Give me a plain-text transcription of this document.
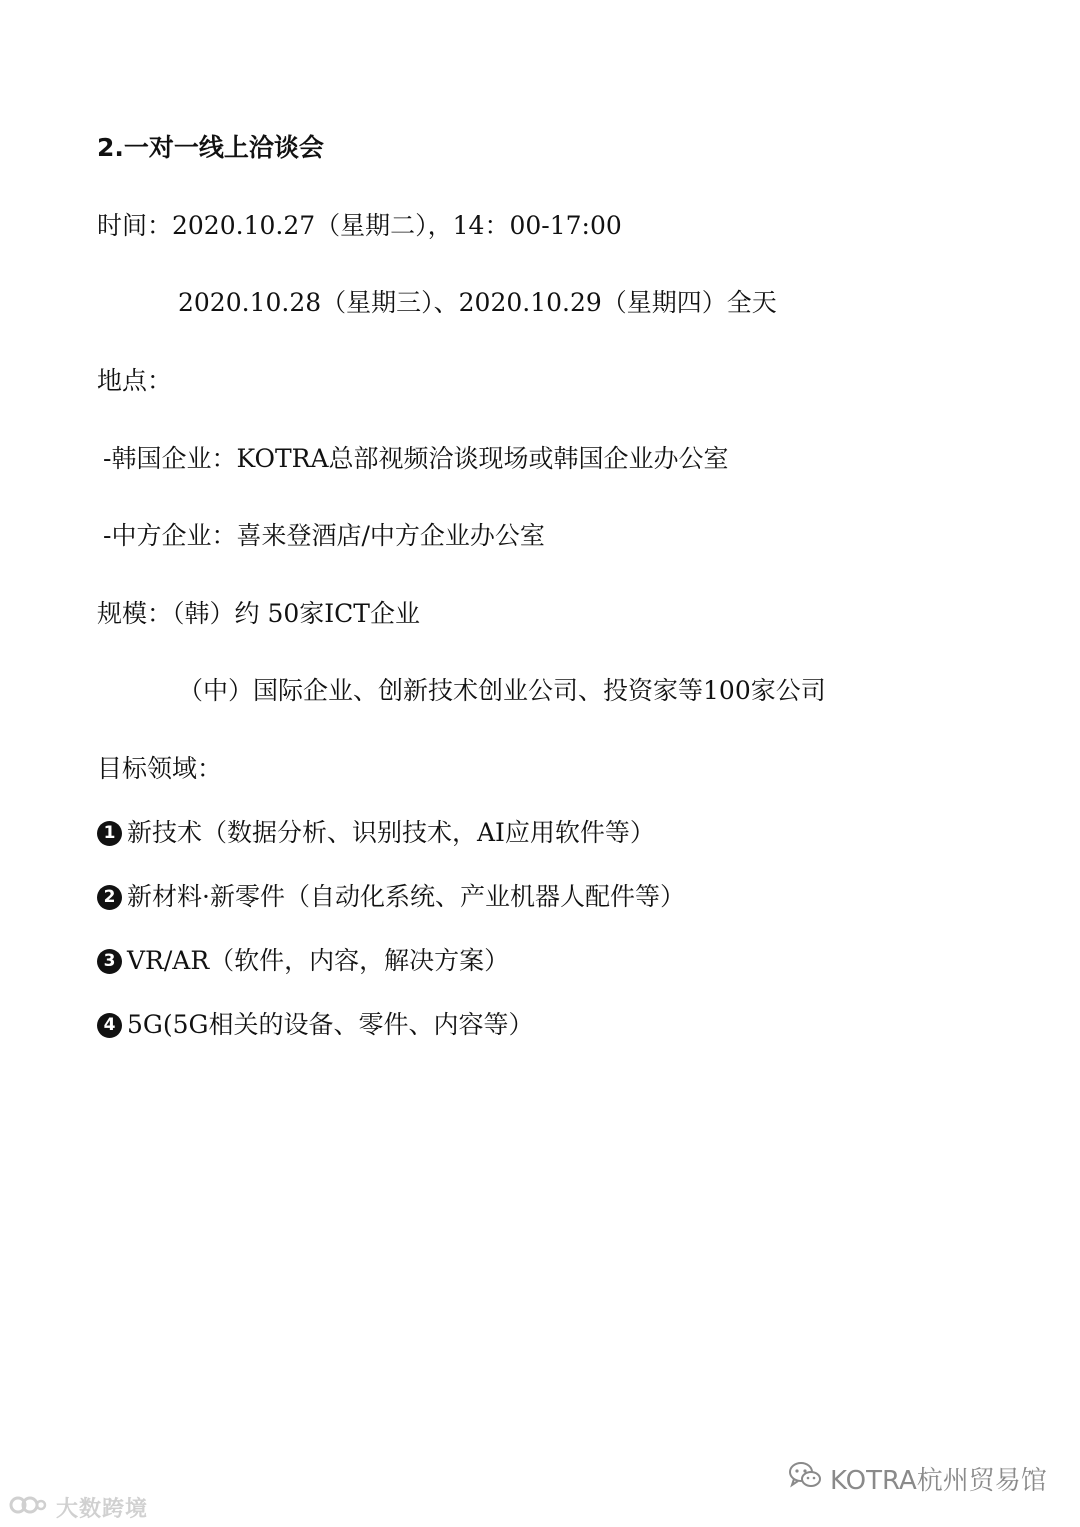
2.一对一线上洽谈会
时间：2020.10.27（星期二），14：00-17:00
2020.10.28（星期三）、2020.10.29（星期四）全天
地点：
-韩国企业：KOTRA总部视频洽谈现场或韩国企业办公室
-中方企业：喜来登酒店/中方企业办公室
规模：（韩）约 50家ICT企业
（中）国际企业、创新技术创业公司、投资家等100家公司
目标领域：
1 新技术（数据分析、识别技术，AI应用软件等）
2 新材料·新零件（自动化系统、产业机器人配件等）
3 VR/AR（软件，内容，解决方案）
4 5G(5G相关的设备、零件、内容等）
KOTRA杭州贸易馆
大数跨境
